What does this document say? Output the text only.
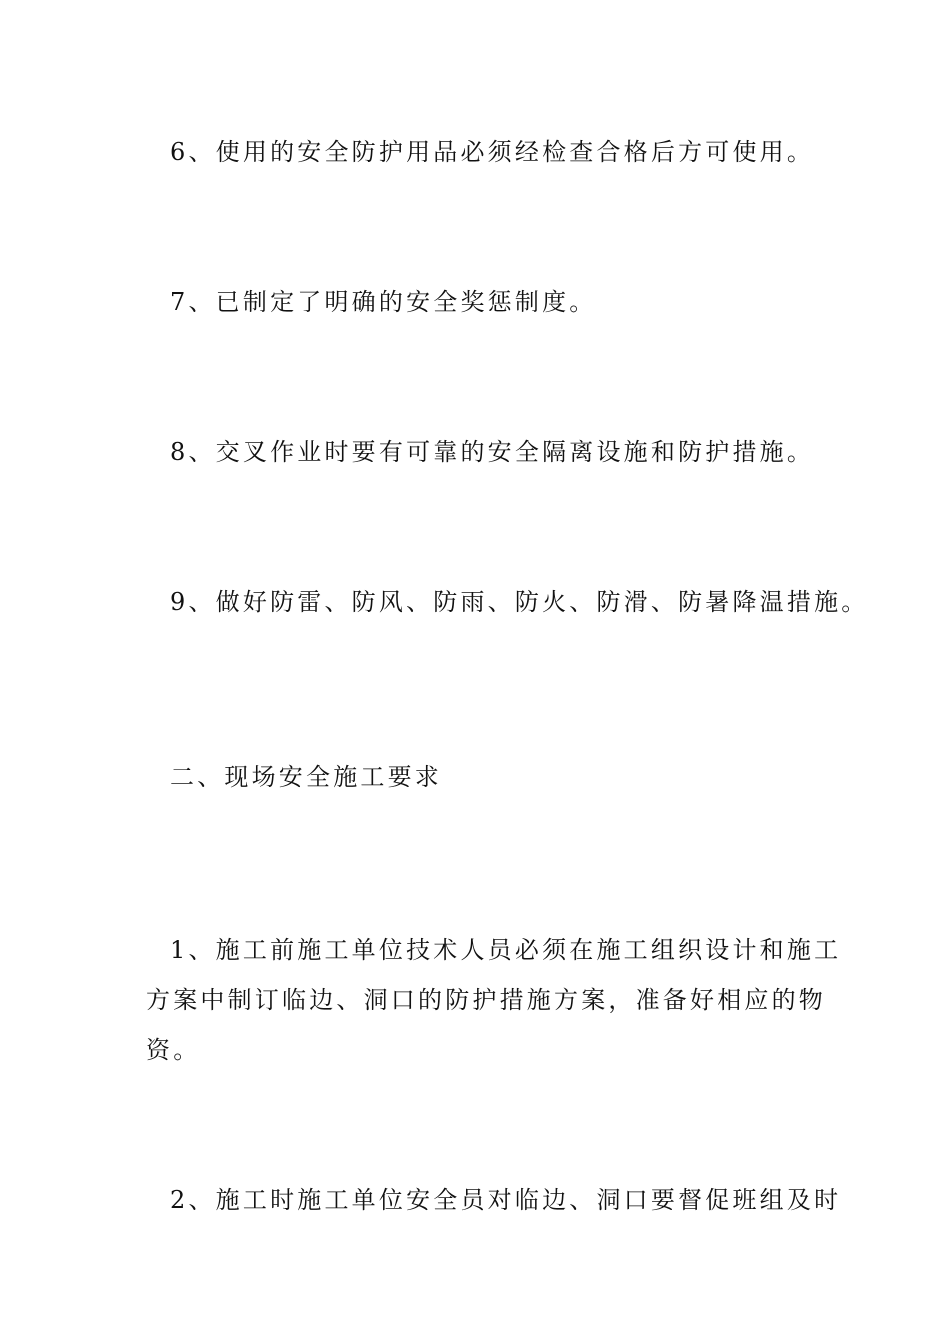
6、使用的安全防护用品必须经检查合格后方可使用。
7、已制定了明确的安全奖惩制度。
8、交叉作业时要有可靠的安全隔离设施和防护措施。
9、做好防雷、防风、防雨、防火、防滑、防暑降温措施。
二、现场安全施工要求
1、施工前施工单位技术人员必须在施工组织设计和施工
方案中制订临边、洞口的防护措施方案，准备好相应的物
资。
2、施工时施工单位安全员对临边、洞口要督促班组及时
